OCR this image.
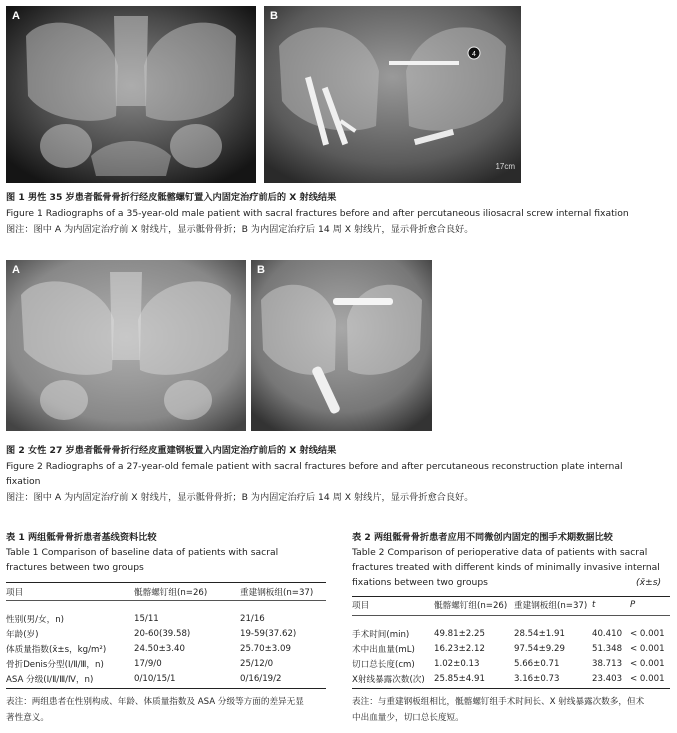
A
4
B
17cm
图 1 男性 35 岁患者骶骨骨折行经皮骶髂螺钉置入内固定治疗前后的 X 射线结果
Figure 1 Radiographs of a 35-year-old male patient with sacral fractures before and after percutaneous iliosacral screw internal fixation
图注：图中 A 为内固定治疗前 X 射线片，显示骶骨骨折；B 为内固定治疗后 14 周 X 射线片，显示骨折愈合良好。
A	B
图 2 女性 27 岁患者骶骨骨折行经皮重建钢板置入内固定治疗前后的 X 射线结果
Figure 2 Radiographs of a 27-year-old female patient with sacral fractures before and after percutaneous reconstruction plate internal
fixation
图注：图中 A 为内固定治疗前 X 射线片，显示骶骨骨折；B 为内固定治疗后 14 周 X 射线片，显示骨折愈合良好。
表 1 两组骶骨骨折患者基线资料比较
Table 1 Comparison of baseline data of patients with sacral
fractures between two groups
项目	骶髂螺钉组(n=26)	重建钢板组(n=37)
性别(男/女，n)	15/11	21/16
年龄(岁)	20-60(39.58)	19-59(37.62)
体质量指数(x̄±s，kg/m²)	24.50±3.40	25.70±3.09
骨折Denis分型(Ⅰ/Ⅱ/Ⅲ，n)	17/9/0	25/12/0
ASA 分级(Ⅰ/Ⅱ/Ⅲ/Ⅳ，n)	0/10/15/1	0/16/19/2
表注：两组患者在性别构成、年龄、体质量指数及 ASA 分级等方面的差异无显
著性意义。
表 2 两组骶骨骨折患者应用不同微创内固定的围手术期数据比较
Table 2 Comparison of perioperative data of patients with sacral
fractures treated with different kinds of minimally invasive internal
fixations between two groups	(x̄±s)
项目	骶髂螺钉组(n=26)	重建钢板组(n=37)	t	P
手术时间(min)	49.81±2.25	28.54±1.91	40.410	< 0.001
术中出血量(mL)	16.23±2.12	97.54±9.29	51.348	< 0.001
切口总长度(cm)	1.02±0.13	5.66±0.71	38.713	< 0.001
X射线暴露次数(次)	25.85±4.91	3.16±0.73	23.403	< 0.001
表注：与重建钢板组相比，骶髂螺钉组手术时间长、X 射线暴露次数多，但术
中出血量少，切口总长度短。
